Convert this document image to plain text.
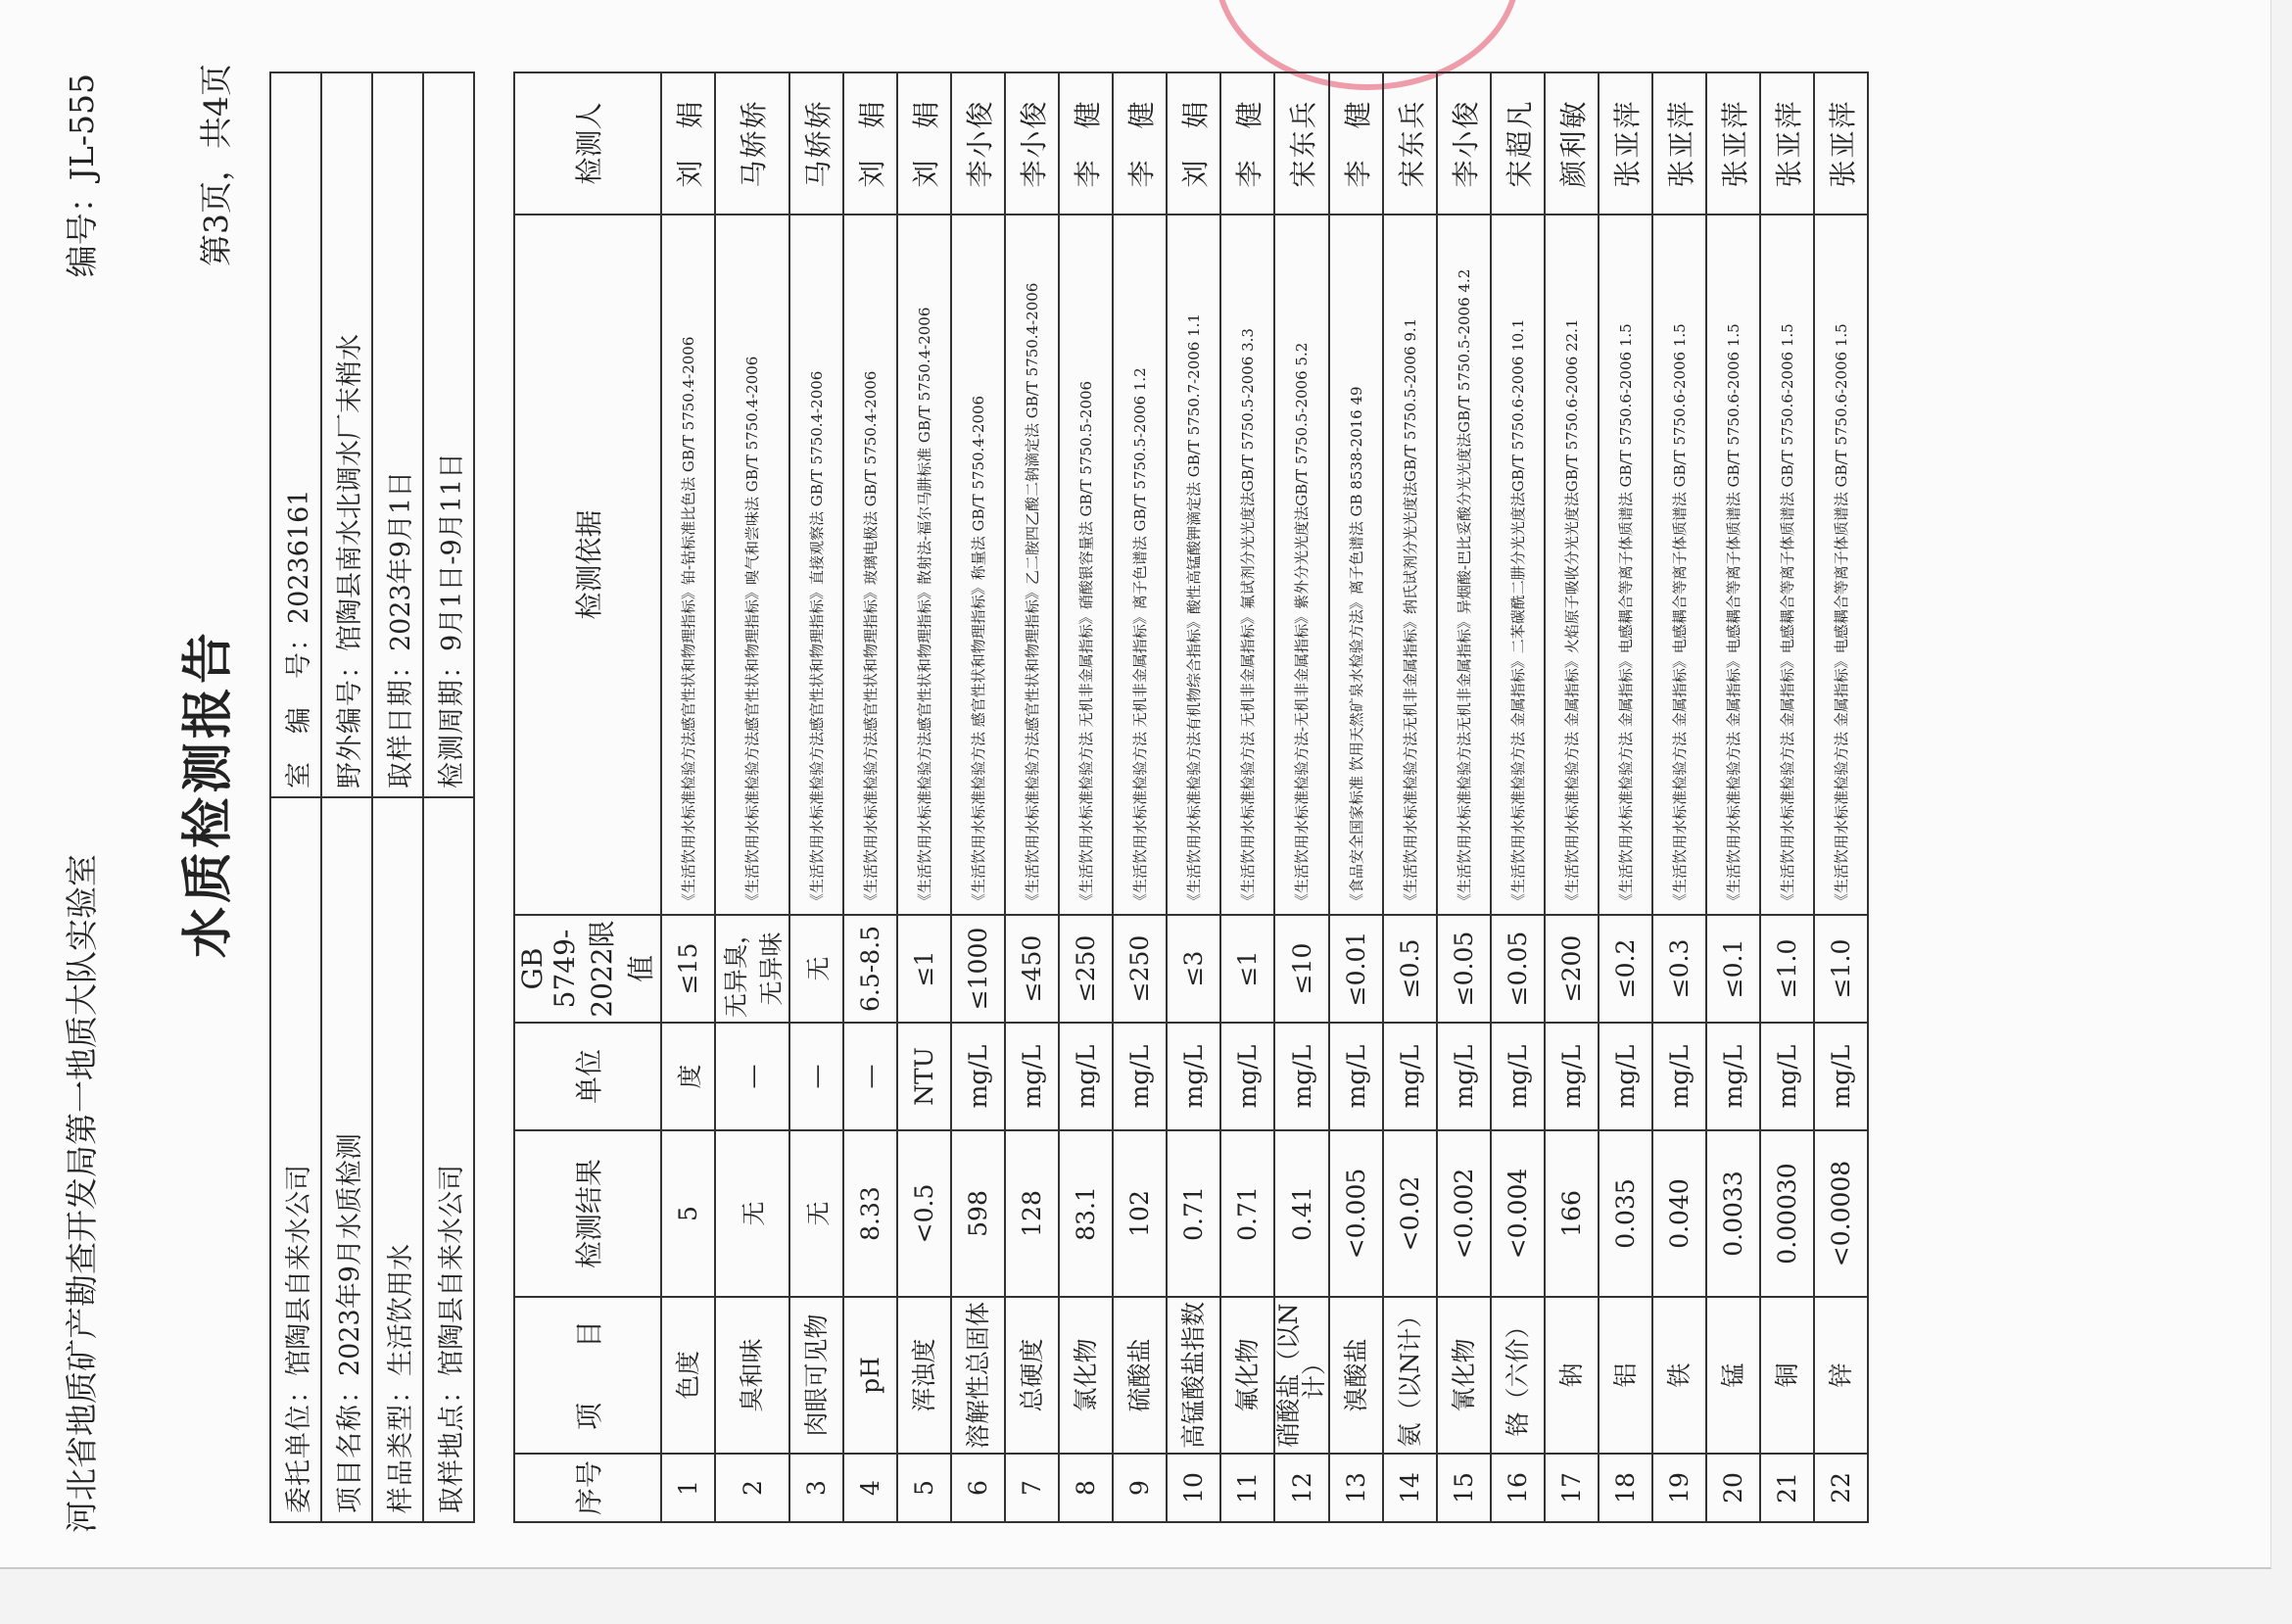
河北省地质矿产勘查开发局第一地质大队实验室
编号：JL-555
水质检测报告
第3页，共4页
委托单位：馆陶县自来水公司	室　编　号：20236161
项目名称：2023年9月水质检测	野外编号：馆陶县南水北调水厂末梢水
样品类型：生活饮用水	取样日期：2023年9月1日
取样地点：馆陶县自来水公司	检测周期：9月1日-9月11日
序号	项　　目	检测结果	单位	GB 5749-2022限值	检测依据	检测人
1	色度	5	度	≤15	《生活饮用水标准检验方法感官性状和物理指标》铂-钴标准比色法 GB/T 5750.4-2006	刘　娟
2	臭和味	无	—	无异臭，无异味	《生活饮用水标准检验方法感官性状和物理指标》嗅气和尝味法 GB/T 5750.4-2006	马娇娇
3	肉眼可见物	无	—	无	《生活饮用水标准检验方法感官性状和物理指标》直接观察法 GB/T 5750.4-2006	马娇娇
4	pH	8.33	—	6.5-8.5	《生活饮用水标准检验方法感官性状和物理指标》玻璃电极法 GB/T 5750.4-2006	刘　娟
5	浑浊度	<0.5	NTU	≤1	《生活饮用水标准检验方法感官性状和物理指标》散射法-福尔马肼标准 GB/T 5750.4-2006	刘　娟
6	溶解性总固体	598	mg/L	≤1000	《生活饮用水标准检验方法 感官性状和物理指标》称量法 GB/T 5750.4-2006	李小俊
7	总硬度	128	mg/L	≤450	《生活饮用水标准检验方法感官性状和物理指标》乙二胺四乙酸二钠滴定法 GB/T 5750.4-2006	李小俊
8	氯化物	83.1	mg/L	≤250	《生活饮用水标准检验方法 无机非金属指标》硝酸银容量法 GB/T 5750.5-2006	李　健
9	硫酸盐	102	mg/L	≤250	《生活饮用水标准检验方法 无机非金属指标》离子色谱法 GB/T 5750.5-2006 1.2	李　健
10	高锰酸盐指数	0.71	mg/L	≤3	《生活饮用水标准检验方法有机物综合指标》酸性高锰酸钾滴定法 GB/T 5750.7-2006 1.1	刘　娟
11	氟化物	0.71	mg/L	≤1	《生活饮用水标准检验方法 无机非金属指标》氟试剂分光光度法GB/T 5750.5-2006 3.3	李　健
12	硝酸盐（以N计）	0.41	mg/L	≤10	《生活饮用水标准检验方法-无机非金属指标》紫外分光光度法GB/T 5750.5-2006 5.2	宋东兵
13	溴酸盐	<0.005	mg/L	≤0.01	《食品安全国家标准 饮用天然矿泉水检验方法》离子色谱法 GB 8538-2016 49	李　健
14	氨（以N计）	<0.02	mg/L	≤0.5	《生活饮用水标准检验方法无机非金属指标》纳氏试剂分光光度法GB/T 5750.5-2006 9.1	宋东兵
15	氰化物	<0.002	mg/L	≤0.05	《生活饮用水标准检验方法无机非金属指标》异烟酸-巴比妥酸分光光度法GB/T 5750.5-2006 4.2	李小俊
16	铬（六价）	<0.004	mg/L	≤0.05	《生活饮用水标准检验方法 金属指标》二苯碳酰二肼分光光度法GB/T 5750.6-2006 10.1	宋超凡
17	钠	166	mg/L	≤200	《生活饮用水标准检验方法 金属指标》火焰原子吸收分光光度法GB/T 5750.6-2006 22.1	颜利敏
18	铝	0.035	mg/L	≤0.2	《生活饮用水标准检验方法 金属指标》电感耦合等离子体质谱法 GB/T 5750.6-2006 1.5	张亚萍
19	铁	0.040	mg/L	≤0.3	《生活饮用水标准检验方法 金属指标》电感耦合等离子体质谱法 GB/T 5750.6-2006 1.5	张亚萍
20	锰	0.0033	mg/L	≤0.1	《生活饮用水标准检验方法 金属指标》电感耦合等离子体质谱法 GB/T 5750.6-2006 1.5	张亚萍
21	铜	0.00030	mg/L	≤1.0	《生活饮用水标准检验方法 金属指标》电感耦合等离子体质谱法 GB/T 5750.6-2006 1.5	张亚萍
22	锌	<0.0008	mg/L	≤1.0	《生活饮用水标准检验方法 金属指标》电感耦合等离子体质谱法 GB/T 5750.6-2006 1.5	张亚萍
